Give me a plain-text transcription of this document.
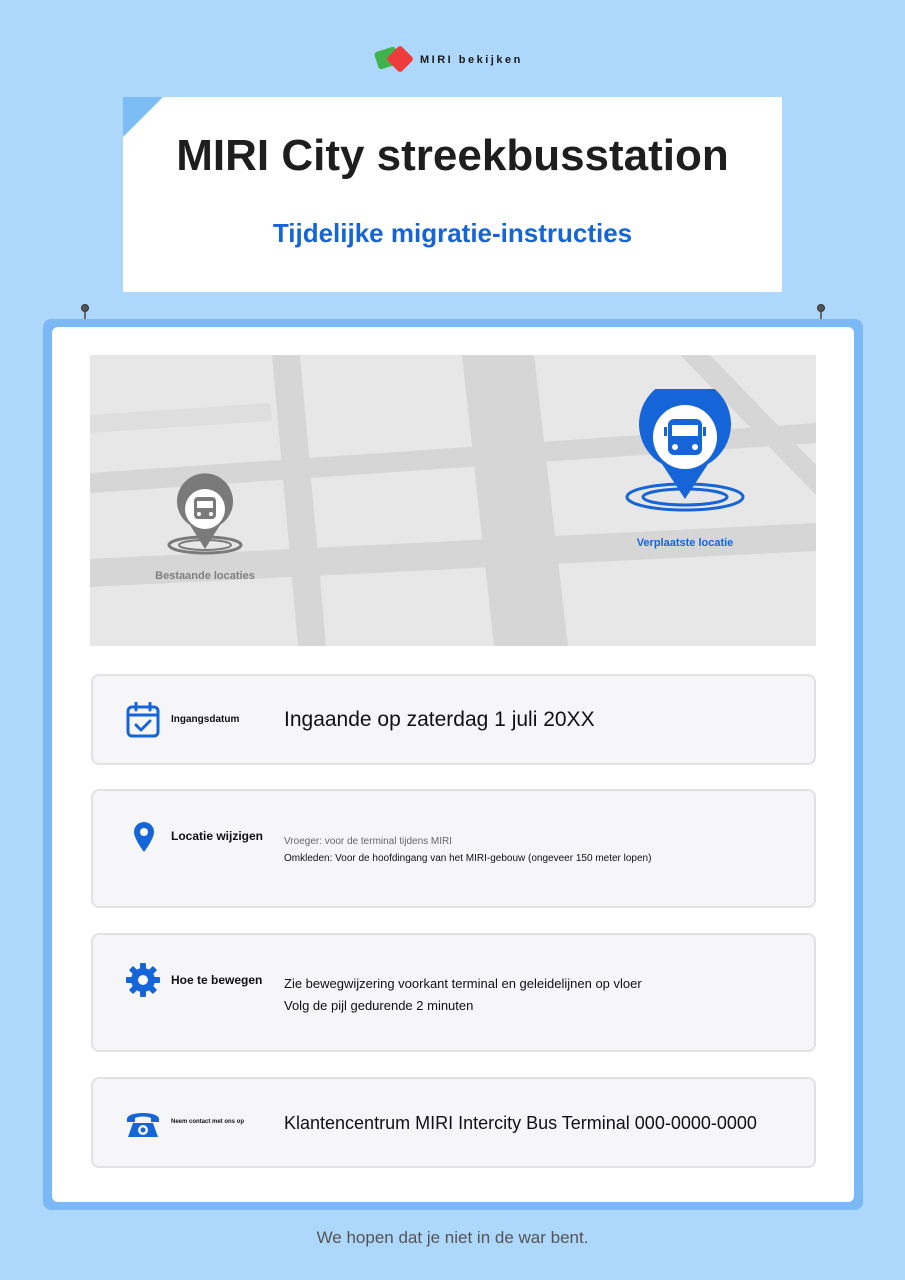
MIRI bekijken
MIRI City streekbusstation
Tijdelijke migratie-instructies
Bestaande locaties
Verplaatste locatie
Ingangsdatum Ingaande op zaterdag 1 juli 20XX
Locatie wijzigen Vroeger: voor de terminal tijdens MIRI
Omkleden: Voor de hoofdingang van het MIRI-gebouw (ongeveer 150 meter lopen)
Hoe te bewegen Zie bewegwijzering voorkant terminal en geleidelijnen op vloer
Volg de pijl gedurende 2 minuten
Neem contact met ons op Klantencentrum MIRI Intercity Bus Terminal 000-0000-0000
We hopen dat je niet in de war bent.
